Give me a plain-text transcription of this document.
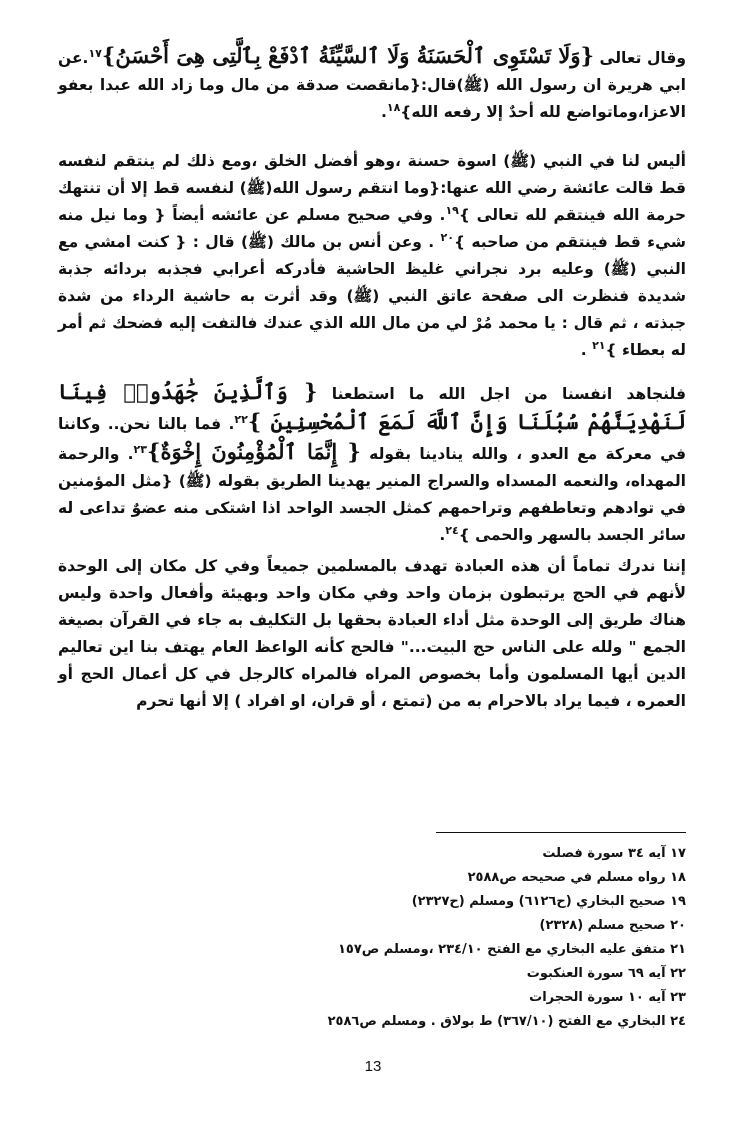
وقال تعالى {وَلَا تَسْتَوِى ٱلْحَسَنَةُ وَلَا ٱلسَّيِّئَةُ ٱدْفَعْ بِٱلَّتِى هِىَ أَحْسَنُ}$^{١٧}$.عن ابي هريرة ان رسول الله (ﷺ)قال:{مانقصت صدقة من مال وما زاد الله عبدا بعفو الاعزا،وماتواضع لله أحدٌ إلا رفعه الله}$^{١٨}$.

أليس لنا في النبي (ﷺ) اسوة حسنة ،وهو أفضل الخلق ،ومع ذلك لم ينتقم لنفسه قط قالت عائشة رضي الله عنها:{وما انتقم رسول الله(ﷺ) لنفسه قط إلا أن تنتهك حرمة الله فينتقم لله تعالى }$^{١٩}$. وفي صحيح مسلم عن عائشه أيضاً { وما نيل منه شيء قط فينتقم من صاحبه }$^{٢٠}$ . وعن أنس بن مالك (ﷺ) قال : { كنت امشي مع النبي (ﷺ) وعليه برد نجراني غليظ الحاشية فأدركه أعرابي فجذبه بردائه جذبة شديدة فنظرت الى صفحة عاتق النبي (ﷺ) وقد أثرت به حاشية الرداء من شدة جبذته ، ثم قال : يا محمد مُرْ لي من مال الله الذي عندك فالتفت إليه فضحك ثم أمر له بعطاء }$^{٢١}$ .

فلنجاهد انفسنا من اجل الله ما استطعنا { وَٱلَّذِينَ جَٰهَدُوا۟ فِينَا لَنَهْدِيَنَّهُمْ سُبُلَنَا وَإِنَّ ٱللَّهَ لَمَعَ ٱلْمُحْسِنِينَ }$^{٢٢}$. فما بالنا نحن.. وكاننا في معركة مع العدو ، والله ينادينا بقوله { إِنَّمَا ٱلْمُؤْمِنُونَ إِخْوَةٌ}$^{٢٣}$. والرحمة المهداه، والنعمه المسداه والسراج المنير يهدينا الطريق بقوله (ﷺ) {مثل المؤمنين في توادهم وتعاطفهم وتراحمهم كمثل الجسد الواحد اذا اشتكى منه عضوٌ تداعى له سائر الجسد بالسهر والحمى }$^{٢٤}$.

إننا ندرك تماماً أن هذه العبادة تهدف بالمسلمين جميعاً وفي كل مكان إلى الوحدة لأنهم في الحج يرتبطون بزمان واحد وفي مكان واحد وبهيئة وأفعال واحدة وليس هناك طريق إلى الوحدة مثل أداء العبادة بحقها بل التكليف به جاء في القرآن بصيغة الجمع " ولله على الناس حج البيت..." فالحج كأنه الواعظ العام يهتف بنا اين تعاليم الدين أيها المسلمون وأما بخصوص المراه فالمراه كالرجل في كل أعمال الحج أو العمره ، فيما يراد بالاحرام به من (تمتع ، أو قران، او افراد ) إلا أنها تحرم

١٧ آيه ٣٤ سورة فصلت
١٨ رواه مسلم في صحيحه ص٢٥٨٨
١٩ صحيح البخاري (ح٦١٢٦) ومسلم (ح٢٣٢٧)
٢٠ صحيح مسلم (٢٣٢٨)
٢١ متفق عليه البخاري مع الفتح ٢٣٤/١٠ ،ومسلم ص١٥٧
٢٢ آيه ٦٩ سورة العنكبوت
٢٣ آيه ١٠ سورة الحجرات
٢٤ البخاري مع الفتح (٣٦٧/١٠) ط بولاق . ومسلم ص٢٥٨٦
13
